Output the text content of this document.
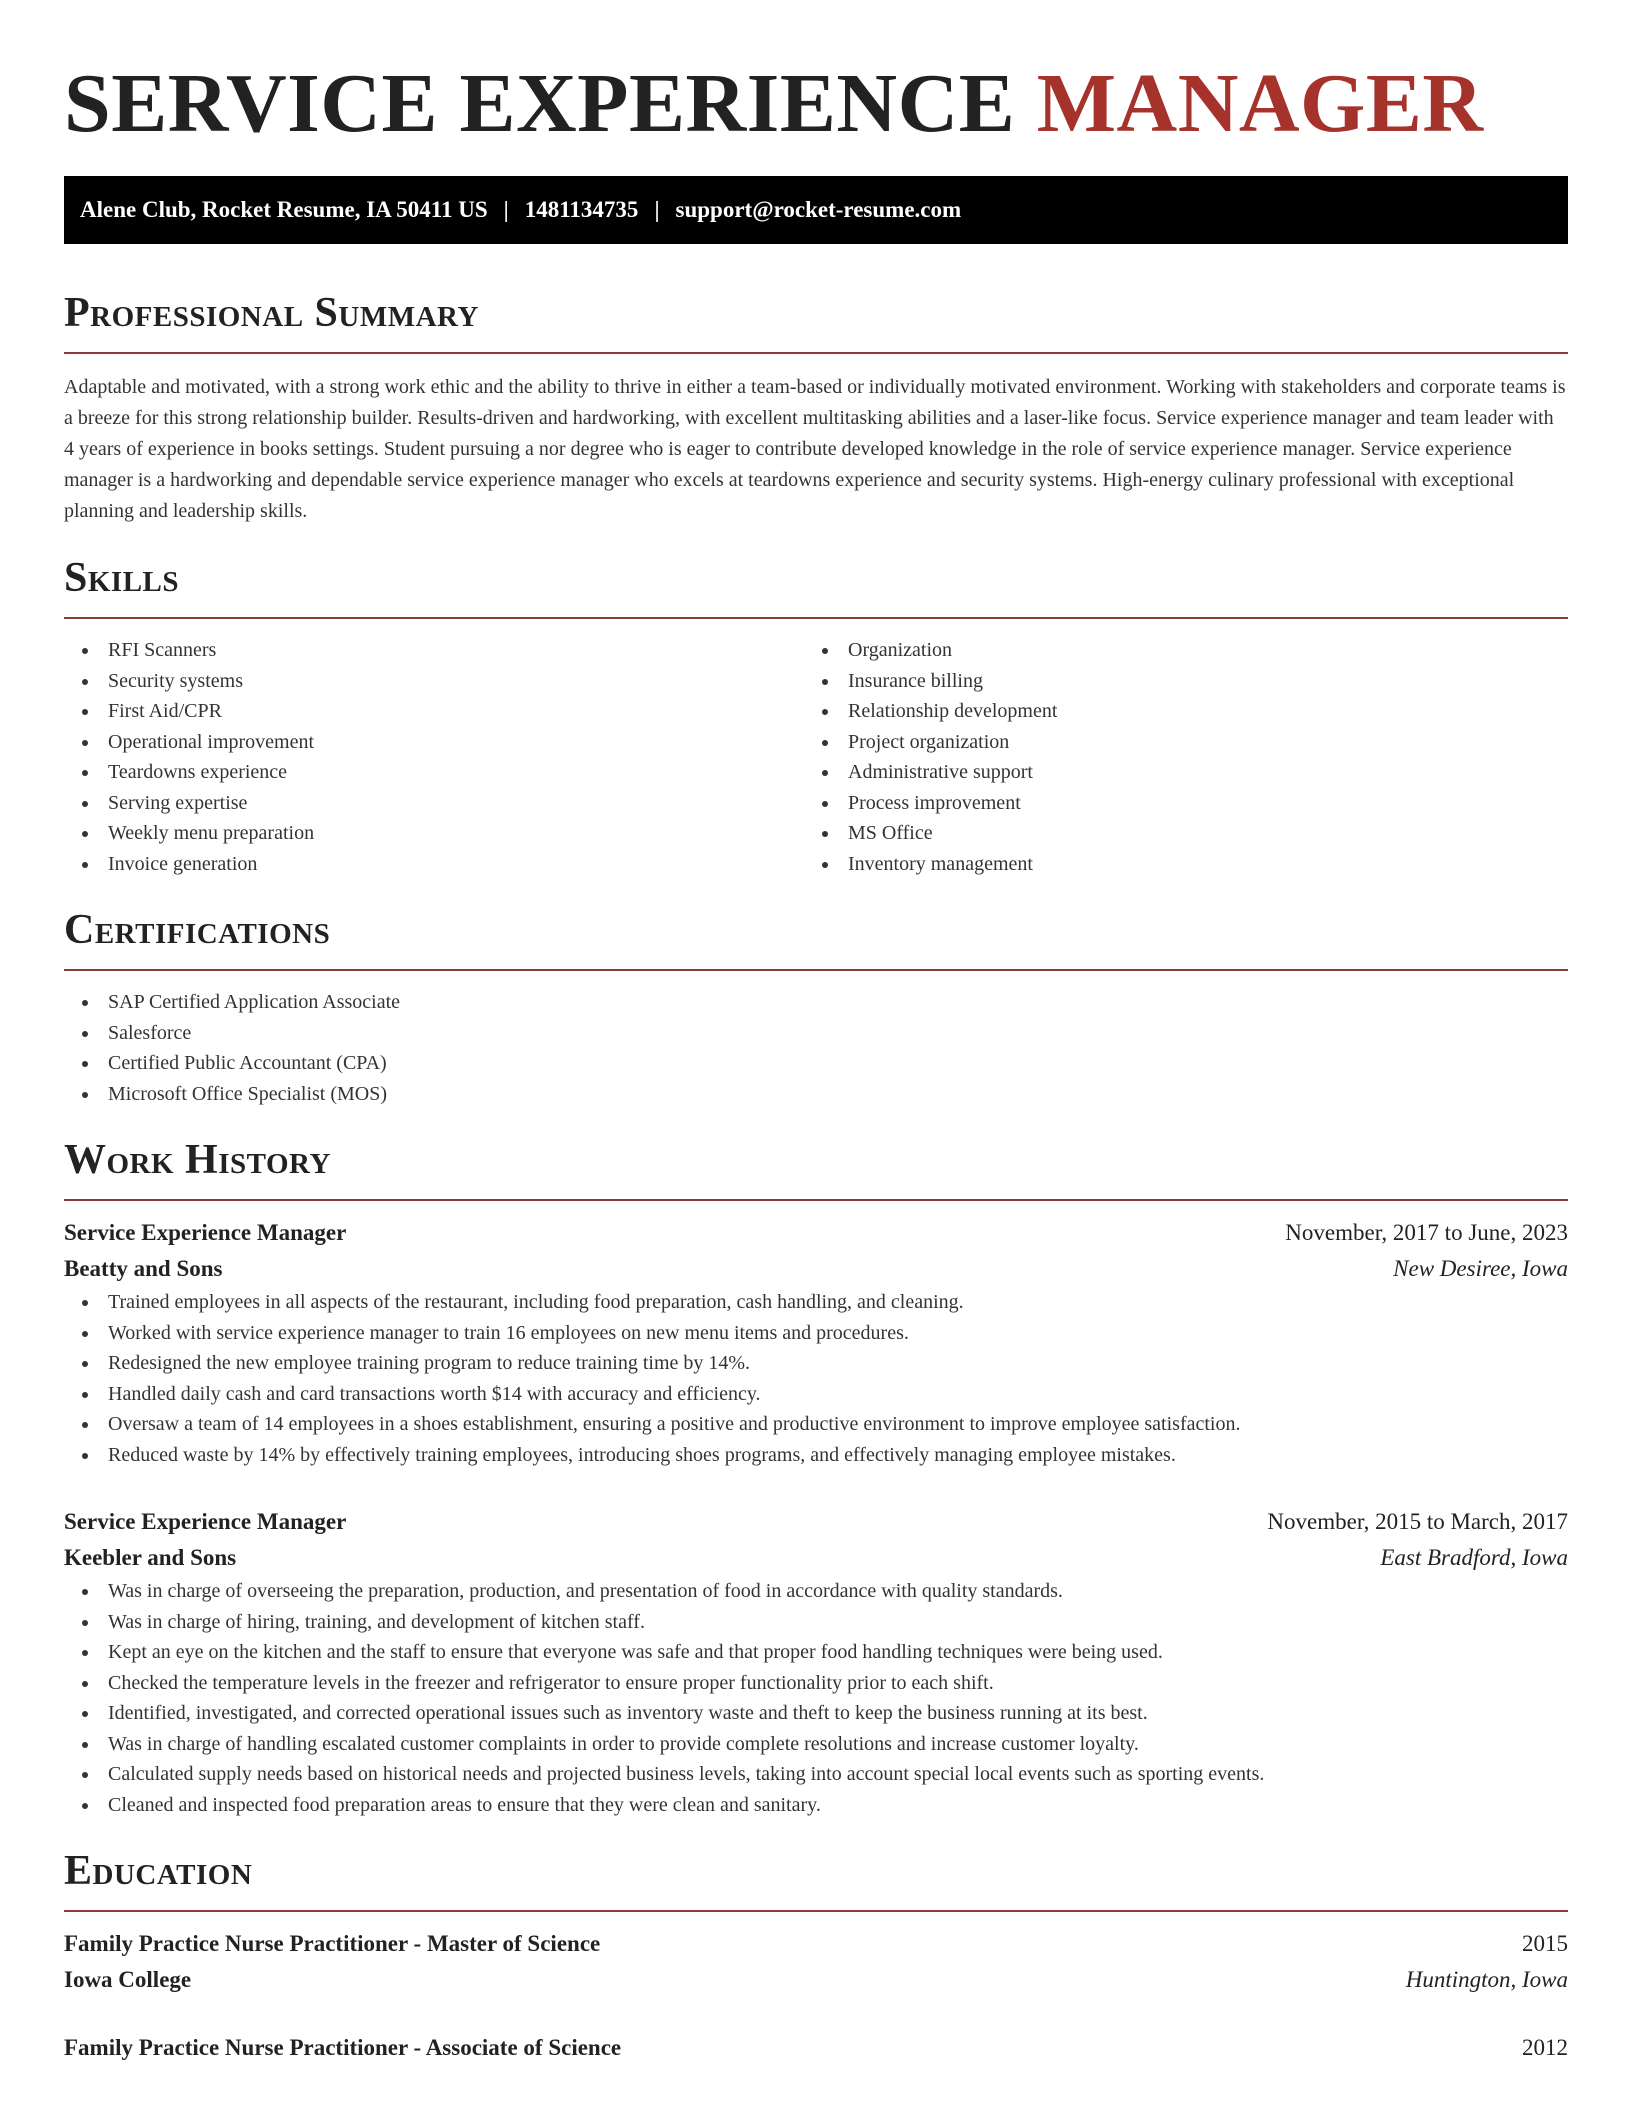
SERVICE EXPERIENCE MANAGER
Alene Club, Rocket Resume, IA 50411 US | 1481134735 | support@rocket-resume.com
Professional Summary

Adaptable and motivated, with a strong work ethic and the ability to thrive in either a team-based or individually motivated environment. Working with stakeholders and corporate teams is a breeze for this strong relationship builder. Results-driven and hardworking, with excellent multitasking abilities and a laser-like focus. Service experience manager and team leader with 4 years of experience in books settings. Student pursuing a nor degree who is eager to contribute developed knowledge in the role of service experience manager. Service experience manager is a hardworking and dependable service experience manager who excels at teardowns experience and security systems. High-energy culinary professional with exceptional planning and leadership skills.

Skills
RFI Scanners
Security systems
First Aid/CPR
Operational improvement
Teardowns experience
Serving expertise
Weekly menu preparation
Invoice generation
Organization
Insurance billing
Relationship development
Project organization
Administrative support
Process improvement
MS Office
Inventory management
Certifications
SAP Certified Application Associate
Salesforce
Certified Public Accountant (CPA)
Microsoft Office Specialist (MOS)
Work History
Service Experience Manager	November, 2017 to June, 2023
Beatty and Sons	New Desiree, Iowa
Trained employees in all aspects of the restaurant, including food preparation, cash handling, and cleaning.
Worked with service experience manager to train 16 employees on new menu items and procedures.
Redesigned the new employee training program to reduce training time by 14%.
Handled daily cash and card transactions worth $14 with accuracy and efficiency.
Oversaw a team of 14 employees in a shoes establishment, ensuring a positive and productive environment to improve employee satisfaction.
Reduced waste by 14% by effectively training employees, introducing shoes programs, and effectively managing employee mistakes.
Service Experience Manager	November, 2015 to March, 2017
Keebler and Sons	East Bradford, Iowa
Was in charge of overseeing the preparation, production, and presentation of food in accordance with quality standards.
Was in charge of hiring, training, and development of kitchen staff.
Kept an eye on the kitchen and the staff to ensure that everyone was safe and that proper food handling techniques were being used.
Checked the temperature levels in the freezer and refrigerator to ensure proper functionality prior to each shift.
Identified, investigated, and corrected operational issues such as inventory waste and theft to keep the business running at its best.
Was in charge of handling escalated customer complaints in order to provide complete resolutions and increase customer loyalty.
Calculated supply needs based on historical needs and projected business levels, taking into account special local events such as sporting events.
Cleaned and inspected food preparation areas to ensure that they were clean and sanitary.
Education
Family Practice Nurse Practitioner - Master of Science	2015
Iowa College	Huntington, Iowa
Family Practice Nurse Practitioner - Associate of Science	2012
